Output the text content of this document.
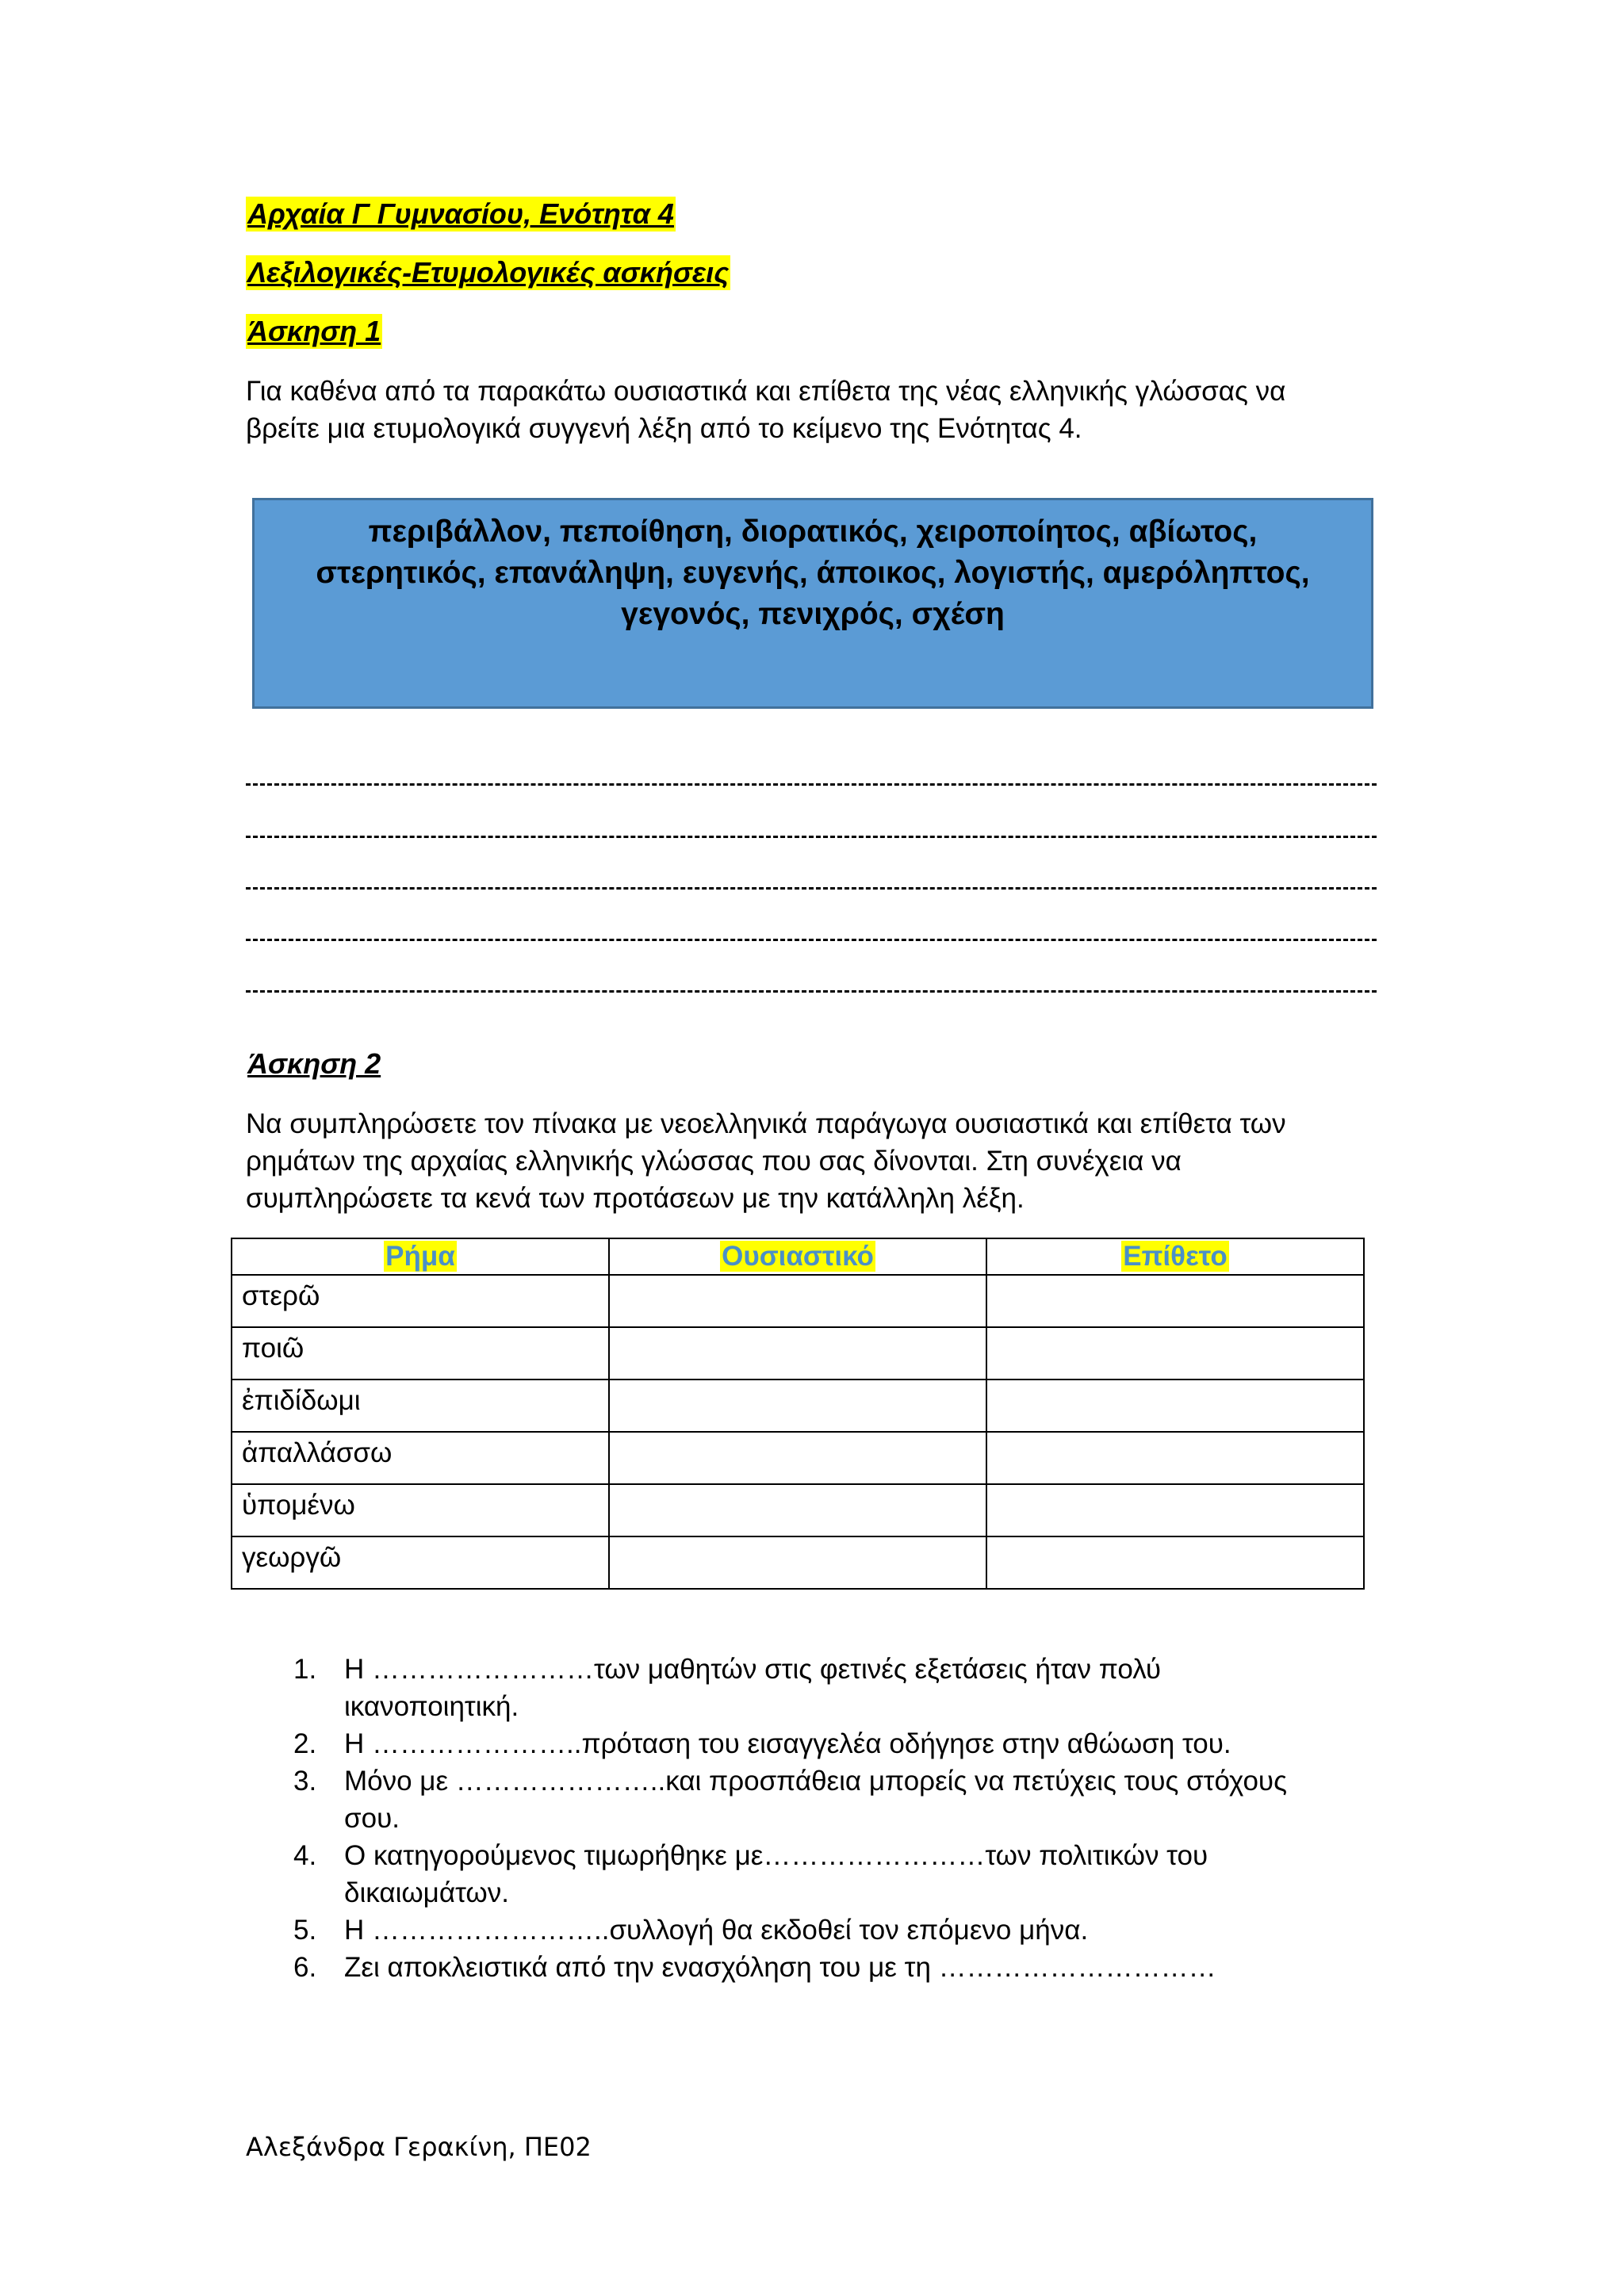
Αρχαία Γ Γυμνασίου, Ενότητα 4
Λεξιλογικές-Ετυμολογικές ασκήσεις
Άσκηση 1
Για καθένα από τα παρακάτω ουσιαστικά και επίθετα της νέας ελληνικής γλώσσας να
βρείτε μια ετυμολογικά συγγενή λέξη από το κείμενο της Ενότητας 4.
περιβάλλον, πεποίθηση, διορατικός, χειροποίητος, αβίωτος,
στερητικός, επανάληψη, ευγενής, άποικος, λογιστής, αμερόληπτος,
γεγονός, πενιχρός, σχέση
Άσκηση 2
Να συμπληρώσετε τον πίνακα με νεοελληνικά παράγωγα ουσιαστικά και επίθετα των
ρημάτων της αρχαίας ελληνικής γλώσσας που σας δίνονται. Στη συνέχεια να
συμπληρώσετε τα κενά των προτάσεων με την κατάλληλη λέξη.
Ρήμα	Ουσιαστικό	Επίθετο
στερῶ		
ποιῶ		
ἐπιδίδωμι		
ἀπαλλάσσω		
ὑπομένω		
γεωργῶ		
1. Η ……………………των μαθητών στις φετινές εξετάσεις ήταν πολύ
ικανοποιητική.
2. Η …………………..πρόταση του εισαγγελέα οδήγησε στην αθώωση του.
3. Μόνο με …………………..και προσπάθεια μπορείς να πετύχεις τους στόχους
σου.
4. Ο κατηγορούμενος τιμωρήθηκε με……………………των πολιτικών του
δικαιωμάτων.
5. Η ……………………..συλλογή θα εκδοθεί τον επόμενο μήνα.
6. Ζει αποκλειστικά από την ενασχόληση του με τη …………………………
Αλεξάνδρα Γερακίνη, ΠΕ02
